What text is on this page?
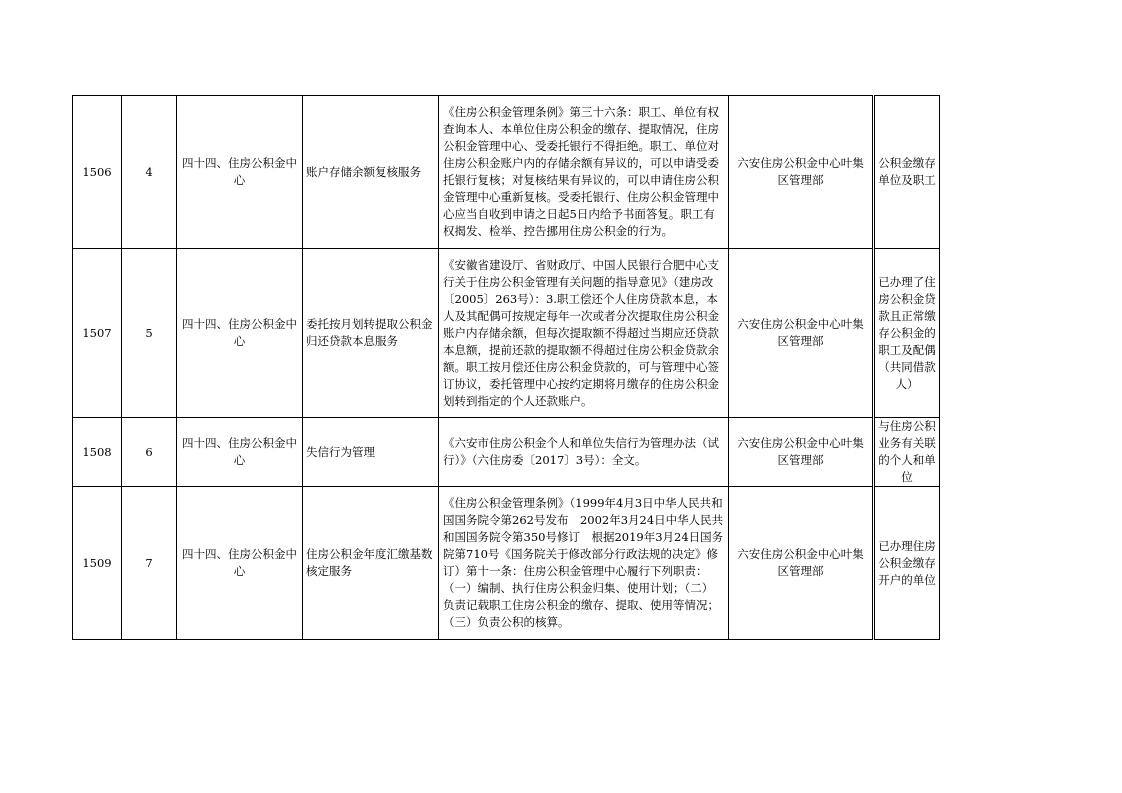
1506	4	四十四、住房公积金中心	账户存储余额复核服务	《住房公积金管理条例》第三十六条：职工、单位有权查询本人、本单位住房公积金的缴存、提取情况，住房公积金管理中心、受委托银行不得拒绝。职工、单位对住房公积金账户内的存储余额有异议的，可以申请受委托银行复核；对复核结果有异议的，可以申请住房公积金管理中心重新复核。受委托银行、住房公积金管理中心应当自收到申请之日起5日内给予书面答复。职工有权揭发、检举、控告挪用住房公积金的行为。	六安住房公积金中心叶集区管理部	公积金缴存单位及职工
1507	5	四十四、住房公积金中心	委托按月划转提取公积金归还贷款本息服务	《安徽省建设厅、省财政厅、中国人民银行合肥中心支行关于住房公积金管理有关问题的指导意见》（建房改〔2005〕263号）：3.职工偿还个人住房贷款本息，本人及其配偶可按规定每年一次或者分次提取住房公积金账户内存储余额，但每次提取额不得超过当期应还贷款本息额，提前还款的提取额不得超过住房公积金贷款余额。职工按月偿还住房公积金贷款的，可与管理中心签订协议，委托管理中心按约定期将月缴存的住房公积金划转到指定的个人还款账户。	六安住房公积金中心叶集区管理部	已办理了住房公积金贷款且正常缴存公积金的职工及配偶（共同借款人）
1508	6	四十四、住房公积金中心	失信行为管理	《六安市住房公积金个人和单位失信行为管理办法（试行）》（六住房委〔2017〕3号）：全文。	六安住房公积金中心叶集区管理部	与住房公积业务有关联的个人和单位
1509	7	四十四、住房公积金中心	住房公积金年度汇缴基数核定服务	《住房公积金管理条例》（1999年4月3日中华人民共和国国务院令第262号发布　2002年3月24日中华人民共和国国务院令第350号修订　根据2019年3月24日国务院第710号《国务院关于修改部分行政法规的决定》修订）第十一条：住房公积金管理中心履行下列职责：（一）编制、执行住房公积金归集、使用计划；（二）负责记载职工住房公积金的缴存、提取、使用等情况；（三）负责公积的核算。	六安住房公积金中心叶集区管理部	已办理住房公积金缴存开户的单位
